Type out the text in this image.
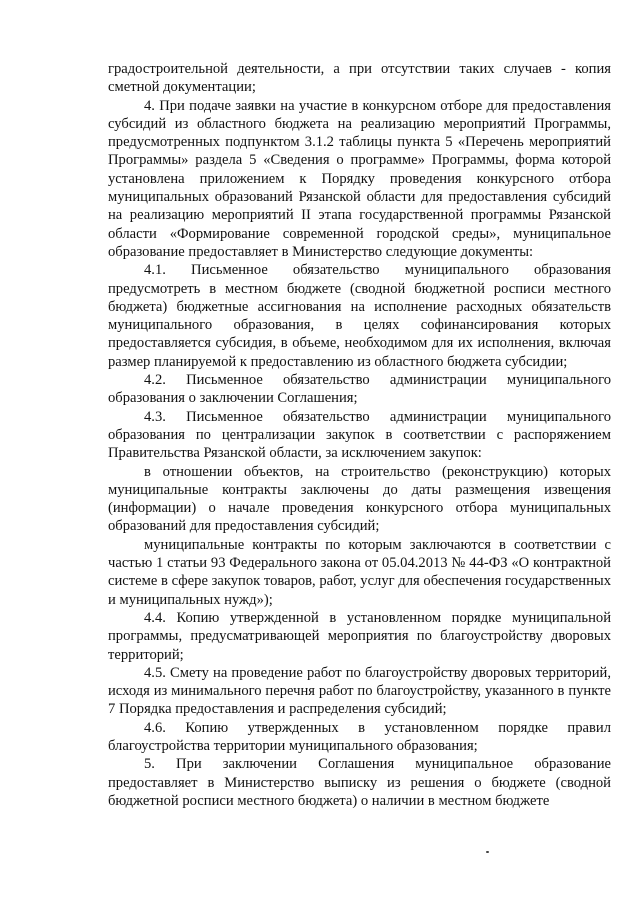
градостроительной деятельности, а при отсутствии таких случаев - копия сметной документации;

4. При подаче заявки на участие в конкурсном отборе для предоставления субсидий из областного бюджета на реализацию мероприятий Программы, предусмотренных подпунктом 3.1.2 таблицы пункта 5 «Перечень мероприятий Программы» раздела 5 «Сведения о программе» Программы, форма которой установлена приложением к Порядку проведения конкурсного отбора муниципальных образований Рязанской области для предоставления субсидий на реализацию мероприятий II этапа государственной программы Рязанской области «Формирование современной городской среды», муниципальное образование предоставляет в Министерство следующие документы:

4.1. Письменное обязательство муниципального образования предусмотреть в местном бюджете (сводной бюджетной росписи местного бюджета) бюджетные ассигнования на исполнение расходных обязательств муниципального образования, в целях софинансирования которых предоставляется субсидия, в объеме, необходимом для их исполнения, включая размер планируемой к предоставлению из областного бюджета субсидии;

4.2. Письменное обязательство администрации муниципального образования о заключении Соглашения;

4.3. Письменное обязательство администрации муниципального образования по централизации закупок в соответствии с распоряжением Правительства Рязанской области, за исключением закупок:

в отношении объектов, на строительство (реконструкцию) которых муниципальные контракты заключены до даты размещения извещения (информации) о начале проведения конкурсного отбора муниципальных образований для предоставления субсидий;

муниципальные контракты по которым заключаются в соответствии с частью 1 статьи 93 Федерального закона от 05.04.2013 № 44-ФЗ «О контрактной системе в сфере закупок товаров, работ, услуг для обеспечения государственных и муниципальных нужд»);

4.4. Копию утвержденной в установленном порядке муниципальной программы, предусматривающей мероприятия по благоустройству дворовых территорий;

4.5. Смету на проведение работ по благоустройству дворовых территорий, исходя из минимального перечня работ по благоустройству, указанного в пункте 7 Порядка предоставления и распределения субсидий;

4.6. Копию утвержденных в установленном порядке правил благоустройства территории муниципального образования;

5. При заключении Соглашения муниципальное образование предоставляет в Министерство выписку из решения о бюджете (сводной бюджетной росписи местного бюджета) о наличии в местном бюджете
